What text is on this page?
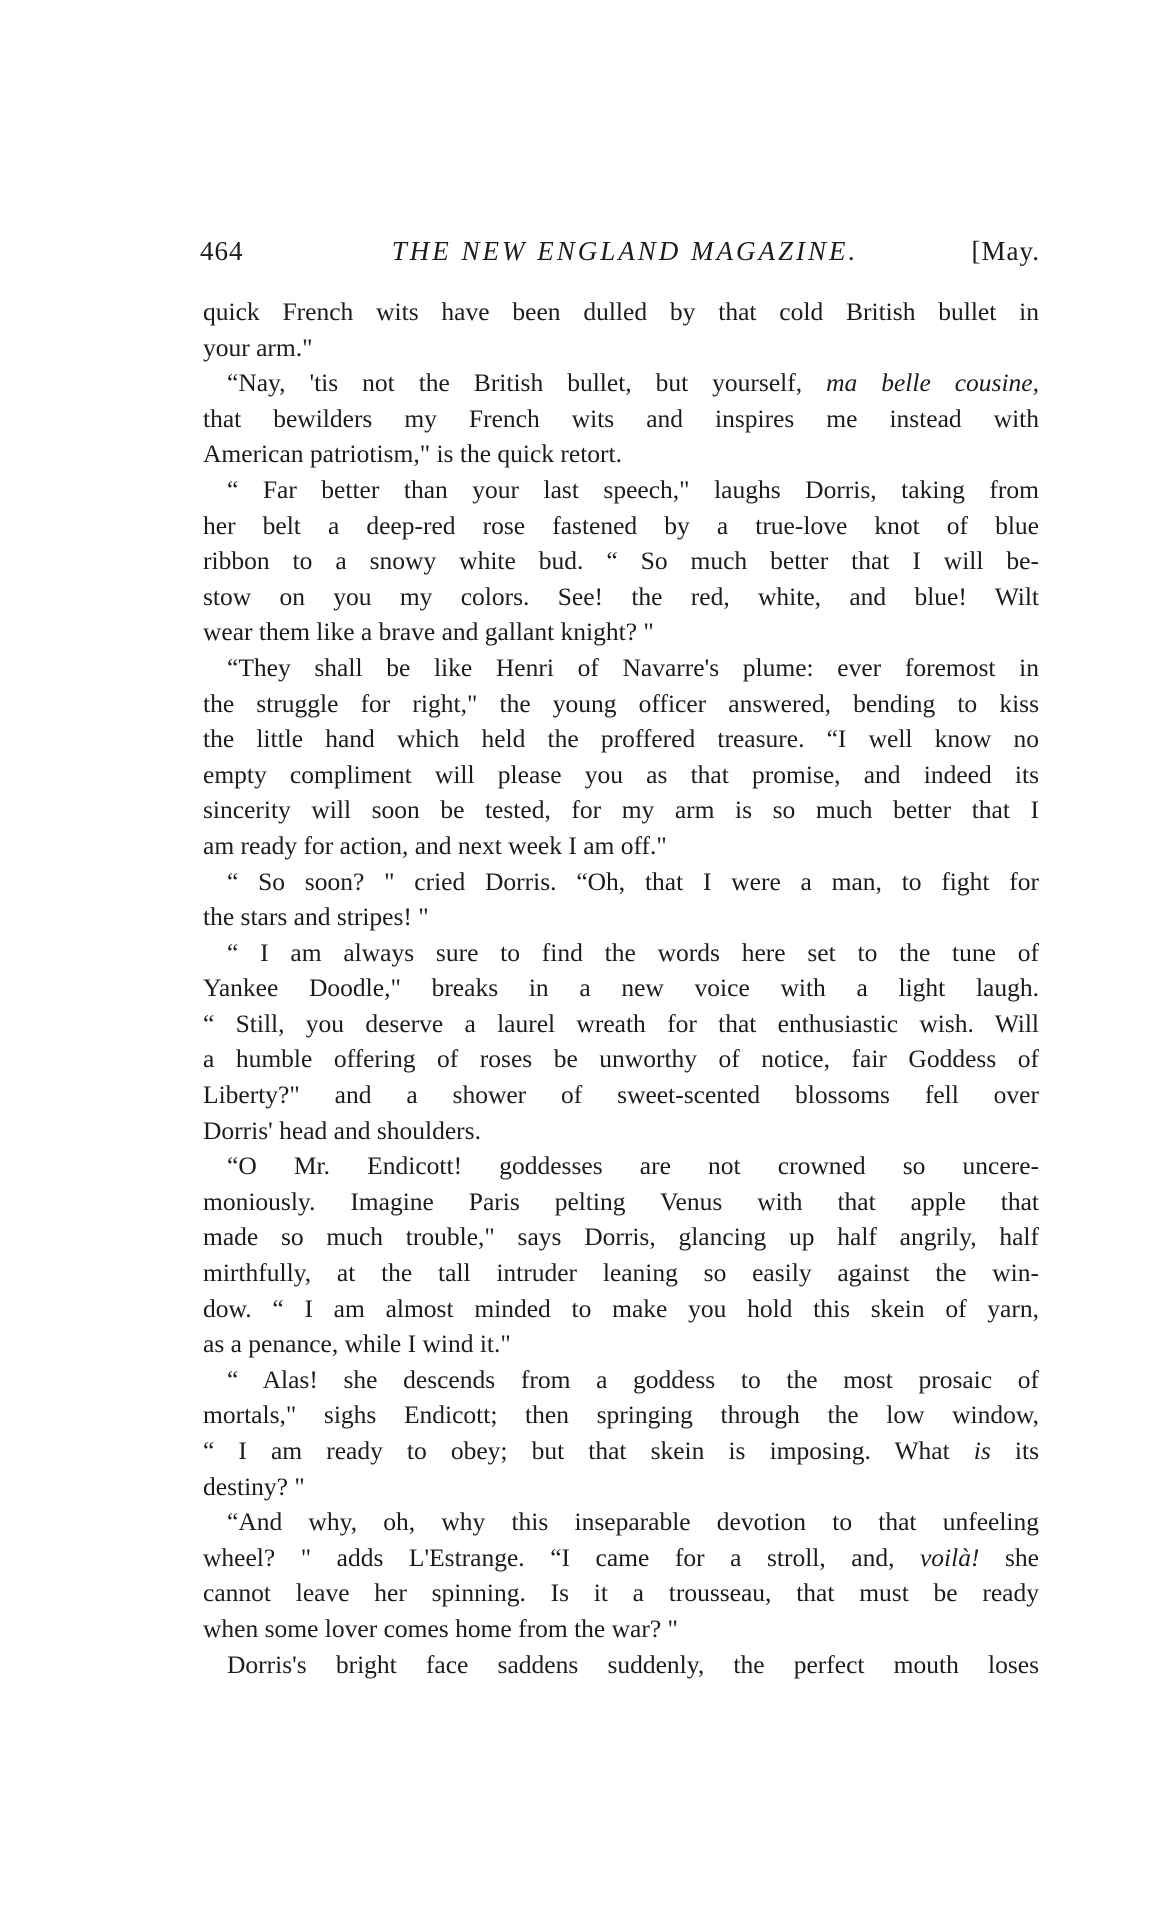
464	THE NEW ENGLAND MAGAZINE.	[May.
quick French wits have been dulled by that cold British bullet in
your arm."
“Nay, 'tis not the British bullet, but yourself, ma belle cousine,
that bewilders my French wits and inspires me instead with
American patriotism," is the quick retort.
“ Far better than your last speech," laughs Dorris, taking from
her belt a deep-red rose fastened by a true-love knot of blue
ribbon to a snowy white bud. “ So much better that I will be-
stow on you my colors. See! the red, white, and blue! Wilt
wear them like a brave and gallant knight? "
“They shall be like Henri of Navarre's plume: ever foremost in
the struggle for right," the young officer answered, bending to kiss
the little hand which held the proffered treasure. “I well know no
empty compliment will please you as that promise, and indeed its
sincerity will soon be tested, for my arm is so much better that I
am ready for action, and next week I am off."
“ So soon? " cried Dorris. “Oh, that I were a man, to fight for
the stars and stripes! "
“ I am always sure to find the words here set to the tune of
Yankee Doodle," breaks in a new voice with a light laugh.
“ Still, you deserve a laurel wreath for that enthusiastic wish. Will
a humble offering of roses be unworthy of notice, fair Goddess of
Liberty?" and a shower of sweet-scented blossoms fell over
Dorris' head and shoulders.
“O Mr. Endicott! goddesses are not crowned so uncere-
moniously. Imagine Paris pelting Venus with that apple that
made so much trouble," says Dorris, glancing up half angrily, half
mirthfully, at the tall intruder leaning so easily against the win-
dow. “ I am almost minded to make you hold this skein of yarn,
as a penance, while I wind it."
“ Alas! she descends from a goddess to the most prosaic of
mortals," sighs Endicott; then springing through the low window,
“ I am ready to obey; but that skein is imposing. What is its
destiny? "
“And why, oh, why this inseparable devotion to that unfeeling
wheel? " adds L'Estrange. “I came for a stroll, and, voilà! she
cannot leave her spinning. Is it a trousseau, that must be ready
when some lover comes home from the war? "
Dorris's bright face saddens suddenly, the perfect mouth loses
